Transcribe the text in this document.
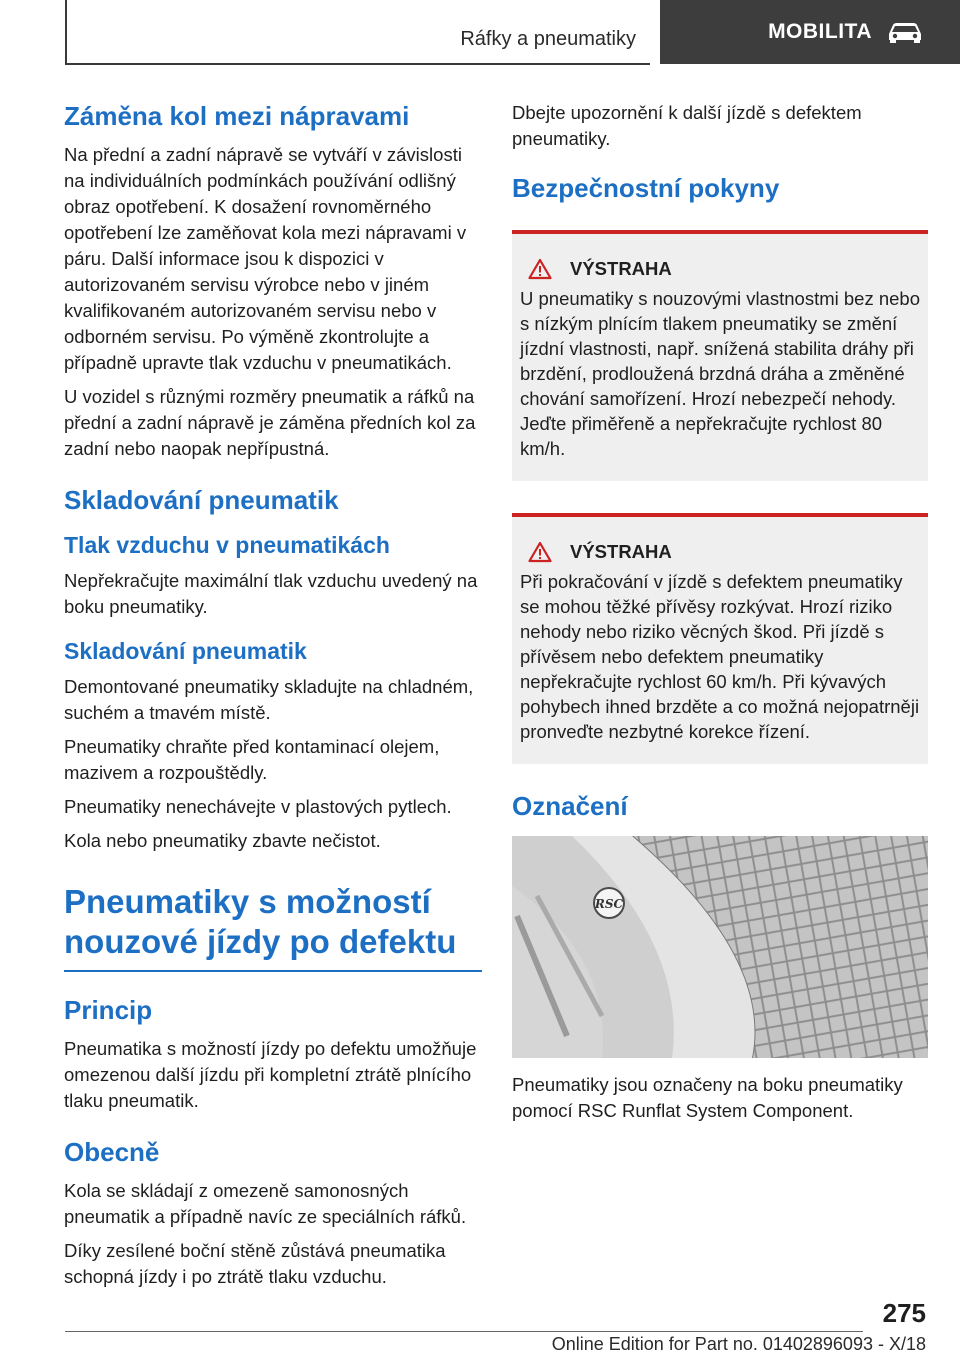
Ráfky a pneumatiky	MOBILITA
Záměna kol mezi nápravami

Na přední a zadní nápravě se vytváří v závislosti na individuálních podmínkách používání odlišný obraz opotřebení. K dosažení rovnoměrného opotřebení lze zaměňovat kola mezi nápravami v páru. Další informace jsou k dispozici v autorizovaném servisu výrobce nebo v jiném kvalifikovaném autorizovaném servisu nebo v odborném servisu. Po výměně zkontrolujte a případně upravte tlak vzduchu v pneumatikách.

U vozidel s různými rozměry pneumatik a ráfků na přední a zadní nápravě je záměna předních kol za zadní nebo naopak nepřípustná.

Skladování pneumatik
Tlak vzduchu v pneumatikách

Nepřekračujte maximální tlak vzduchu uvedený na boku pneumatiky.

Skladování pneumatik

Demontované pneumatiky skladujte na chladném, suchém a tmavém místě.

Pneumatiky chraňte před kontaminací olejem, mazivem a rozpouštědly.

Pneumatiky nenechávejte v plastových pytlech.

Kola nebo pneumatiky zbavte nečistot.

Pneumatiky s možností nouzové jízdy po defektu
Princip

Pneumatika s možností jízdy po defektu umožňuje omezenou další jízdu při kompletní ztrátě plnícího tlaku pneumatik.

Obecně

Kola se skládají z omezeně samonosných pneumatik a případně navíc ze speciálních ráfků.

Díky zesílené boční stěně zůstává pneumatika schopná jízdy i po ztrátě tlaku vzduchu.

Dbejte upozornění k další jízdě s defektem pneumatiky.

Bezpečnostní pokyny
VÝSTRAHA

U pneumatiky s nouzovými vlastnostmi bez nebo s nízkým plnícím tlakem pneumatiky se změní jízdní vlastnosti, např. snížená stabilita dráhy při brzdění, prodloužená brzdná dráha a změněné chování samořízení. Hrozí nebezpečí nehody. Jeďte přiměřeně a nepřekračujte rychlost 80 km/h.

VÝSTRAHA

Při pokračování v jízdě s defektem pneumatiky se mohou těžké přívěsy rozkývat. Hrozí riziko nehody nebo riziko věcných škod. Při jízdě s přívěsem nebo defektem pneumatiky nepřekračujte rychlost 60 km/h. Při kývavých pohybech ihned brzděte a co možná nejopatrněji pronveďte nezbytné korekce řízení.

Označení
RSC

Pneumatiky jsou označeny na boku pneumatiky pomocí RSC Runflat System Component.

275
Online Edition for Part no. 01402896093 - X/18
